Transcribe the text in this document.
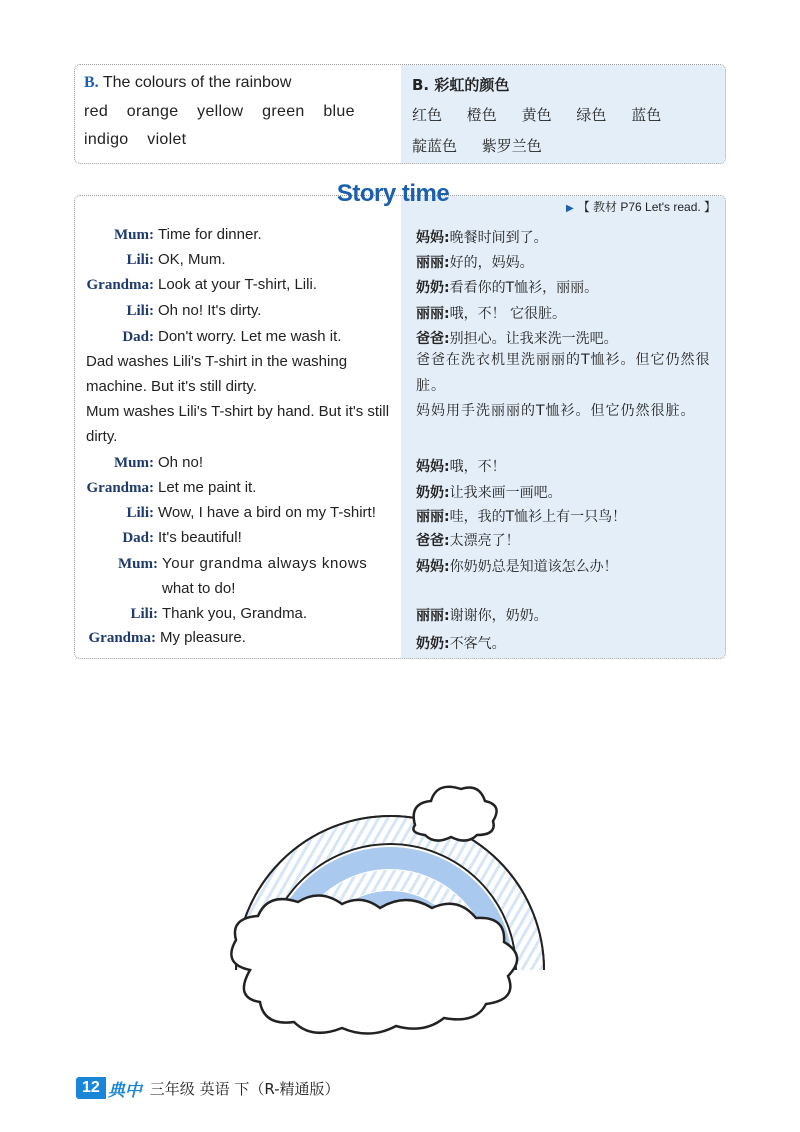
B. The colours of the rainbow
red orange yellow green blue
indigo violet
B. 彩虹的颜色
红色 橙色 黄色 绿色 蓝色
靛蓝色 紫罗兰色
Story time
▶ 【 教材 P76 Let's read. 】
Mum: Time for dinner.
Lili: OK, Mum.
Grandma: Look at your T-shirt, Lili.
Lili: Oh no! It's dirty.
Dad: Don't worry. Let me wash it.
Dad washes Lili's T-shirt in the washing machine. But it's still dirty.
Mum washes Lili's T-shirt by hand. But it's still dirty.
Mum: Oh no!
Grandma: Let me paint it.
Lili: Wow, I have a bird on my T-shirt!
Dad: It's beautiful!
Mum: Your grandma always knows
what to do!
Lili: Thank you, Grandma.
Grandma: My pleasure.
妈妈:晚餐时间到了。
丽丽:好的，妈妈。
奶奶:看看你的T恤衫，丽丽。
丽丽:哦，不！ 它很脏。
爸爸:别担心。让我来洗一洗吧。
爸爸在洗衣机里洗丽丽的T恤衫。但它仍然很脏。
妈妈用手洗丽丽的T恤衫。但它仍然很脏。
妈妈:哦，不！
奶奶:让我来画一画吧。
丽丽:哇，我的T恤衫上有一只鸟！
爸爸:太漂亮了！
妈妈:你奶奶总是知道该怎么办！
丽丽:谢谢你，奶奶。
奶奶:不客气。
12 典中 三年级 英语 下（R-精通版）
